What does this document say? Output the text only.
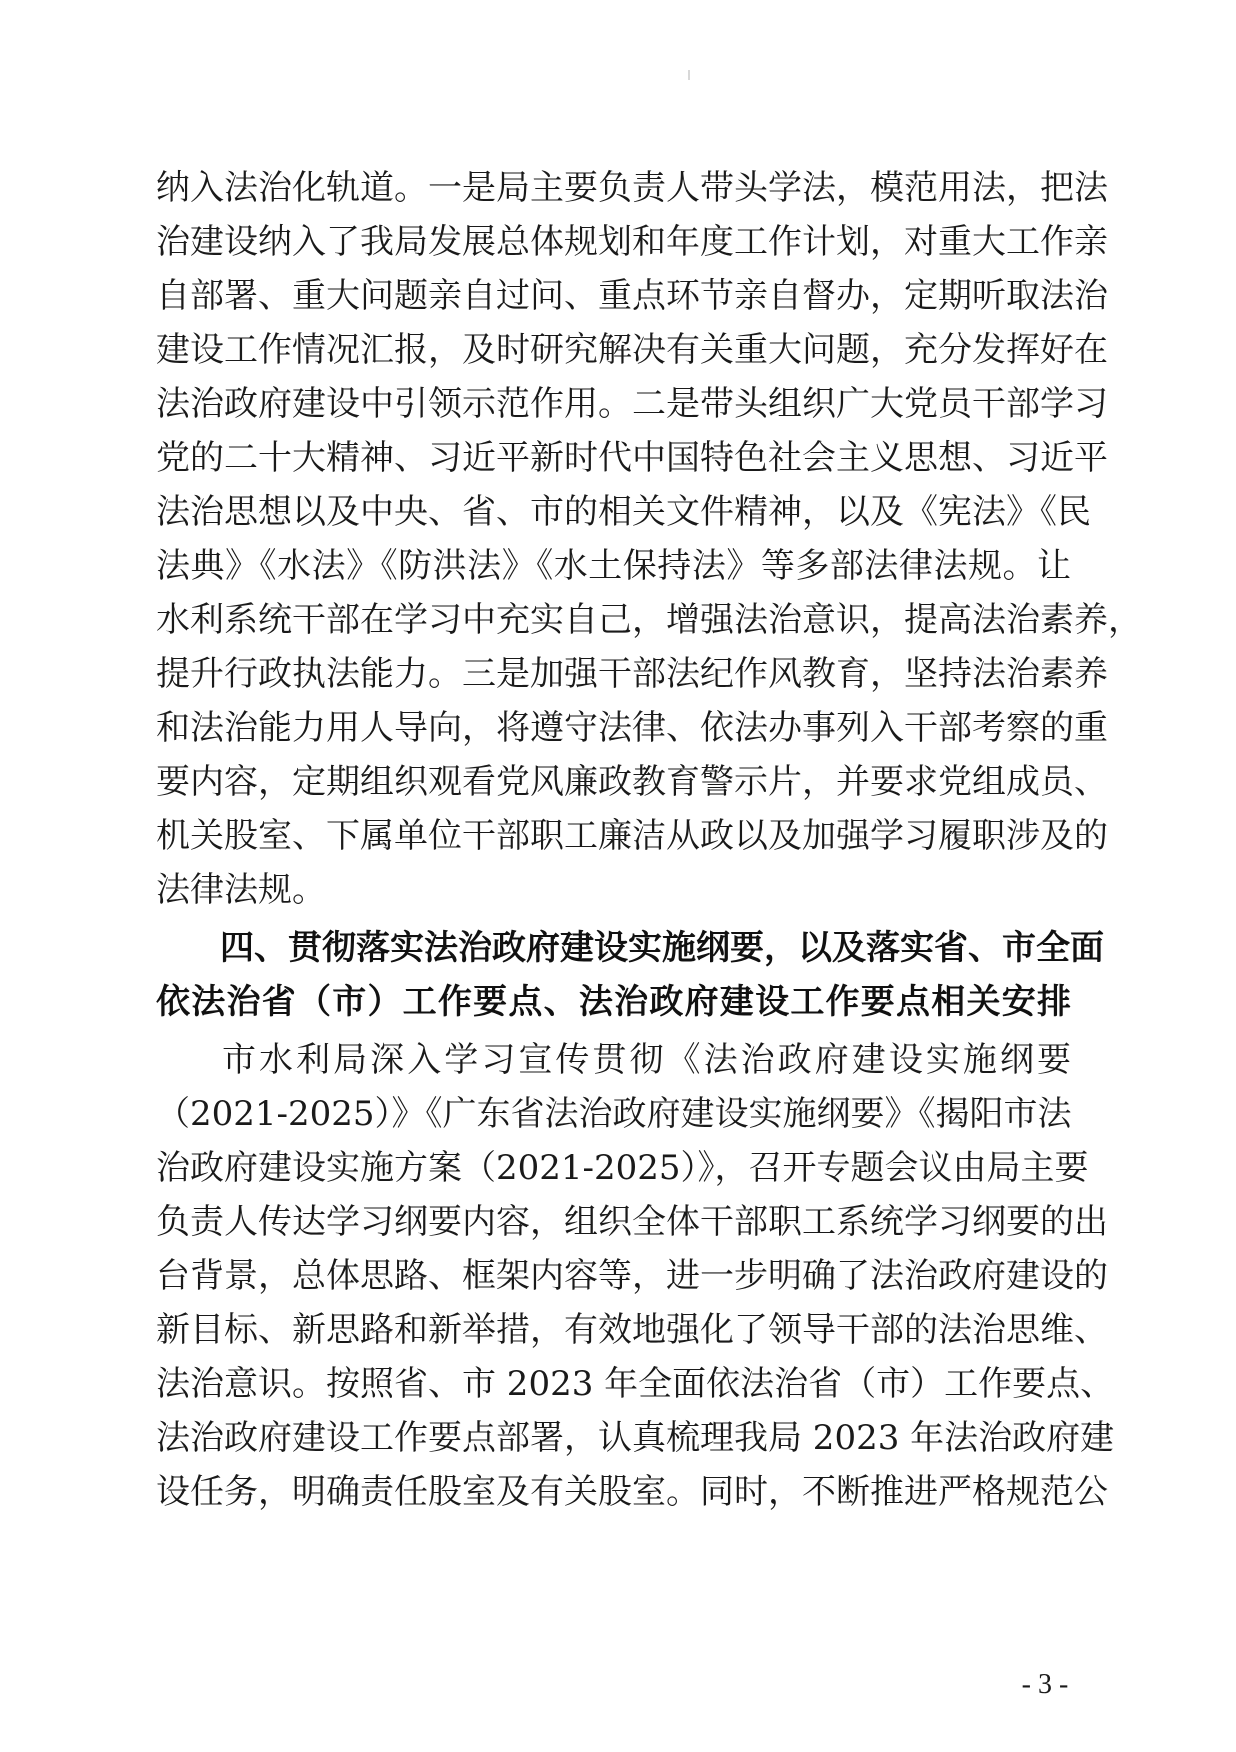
纳入法治化轨道。一是局主要负责人带头学法，模范用法，把法
治建设纳入了我局发展总体规划和年度工作计划，对重大工作亲
自部署、重大问题亲自过问、重点环节亲自督办，定期听取法治
建设工作情况汇报，及时研究解决有关重大问题，充分发挥好在
法治政府建设中引领示范作用。二是带头组织广大党员干部学习
党的二十大精神、习近平新时代中国特色社会主义思想、习近平
法治思想以及中央、省、市的相关文件精神，以及《宪法》《民
法典》《水法》《防洪法》《水土保持法》等多部法律法规。让
水利系统干部在学习中充实自己，增强法治意识，提高法治素养，
提升行政执法能力。三是加强干部法纪作风教育，坚持法治素养
和法治能力用人导向，将遵守法律、依法办事列入干部考察的重
要内容，定期组织观看党风廉政教育警示片，并要求党组成员、
机关股室、下属单位干部职工廉洁从政以及加强学习履职涉及的
法律法规。
四、贯彻落实法治政府建设实施纲要，以及落实省、市全面
依法治省（市）工作要点、法治政府建设工作要点相关安排
市水利局深入学习宣传贯彻《法治政府建设实施纲要
（2021-2025）》《广东省法治政府建设实施纲要》《揭阳市法
治政府建设实施方案（2021-2025）》，召开专题会议由局主要
负责人传达学习纲要内容，组织全体干部职工系统学习纲要的出
台背景，总体思路、框架内容等，进一步明确了法治政府建设的
新目标、新思路和新举措，有效地强化了领导干部的法治思维、
法治意识。按照省、市 2023 年全面依法治省（市）工作要点、
法治政府建设工作要点部署，认真梳理我局 2023 年法治政府建
设任务，明确责任股室及有关股室。同时，不断推进严格规范公
- 3 -
